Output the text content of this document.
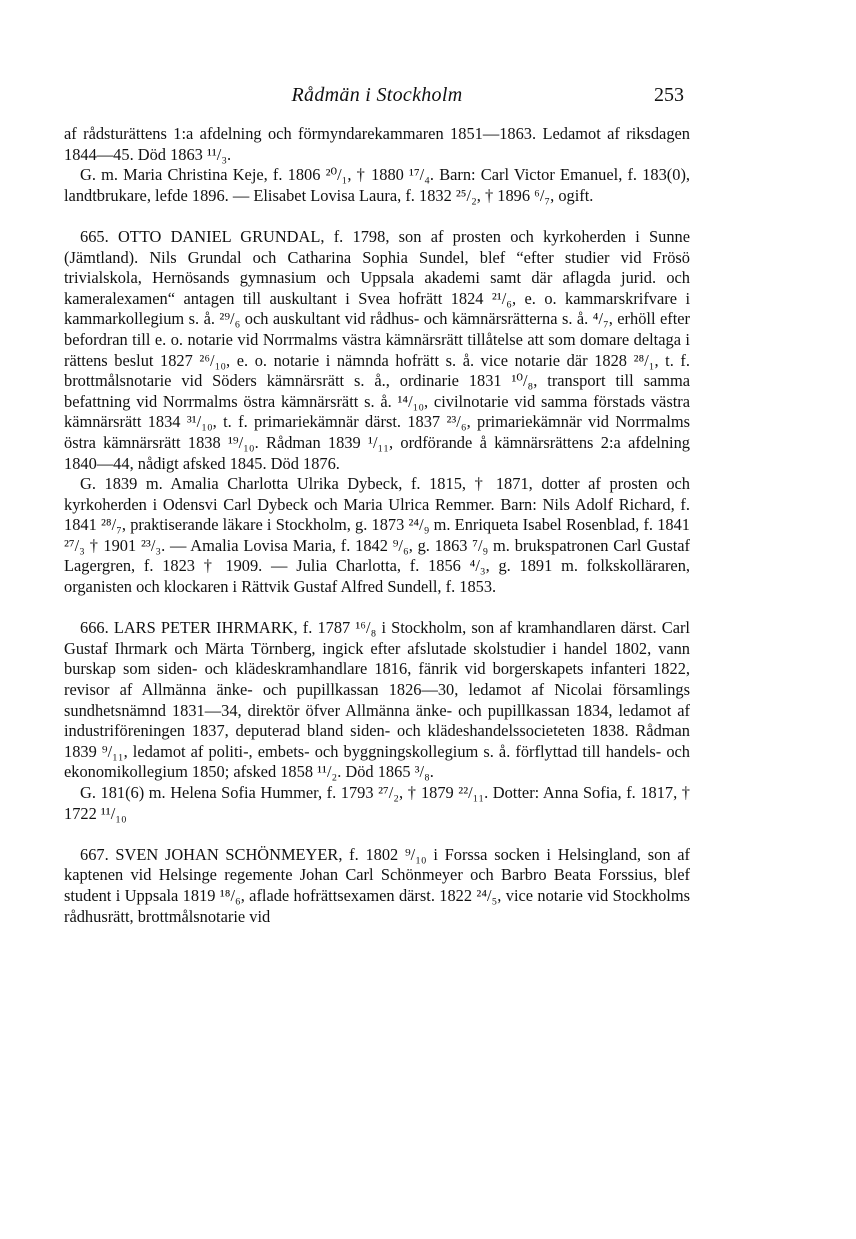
Rådmän i Stockholm	253

af rådsturättens 1:a afdelning och förmyndarekammaren 1851—1863. Ledamot af riksdagen 1844—45. Död 1863 ¹¹/₃.

G. m. Maria Christina Keje, f. 1806 ²⁰/₁, † 1880 ¹⁷/₄. Barn: Carl Victor Emanuel, f. 183(0), landtbrukare, lefde 1896. — Elisabet Lovisa Laura, f. 1832 ²⁵/₂, † 1896 ⁶/₇, ogift.

665. OTTO DANIEL GRUNDAL, f. 1798, son af prosten och kyrkoherden i Sunne (Jämtland). Nils Grundal och Catharina Sophia Sundel, blef “efter studier vid Frösö trivialskola, Hernösands gymnasium och Uppsala akademi samt där aflagda jurid. och kameralexamen“ antagen till auskultant i Svea hofrätt 1824 ²¹/₆, e. o. kammarskrifvare i kammarkollegium s. å. ²⁹/₆ och auskultant vid rådhus- och kämnärsrätterna s. å. ⁴/₇, erhöll efter befordran till e. o. notarie vid Norrmalms västra kämnärsrätt tillåtelse att som domare deltaga i rättens beslut 1827 ²⁶/₁₀, e. o. notarie i nämnda hofrätt s. å. vice notarie där 1828 ²⁸/₁, t. f. brottmålsnotarie vid Söders kämnärsrätt s. å., ordinarie 1831 ¹⁰/₈, transport till samma befattning vid Norrmalms östra kämnärsrätt s. å. ¹⁴/₁₀, civilnotarie vid samma förstads västra kämnärsrätt 1834 ³¹/₁₀, t. f. primariekämnär därst. 1837 ²³/₆, primariekämnär vid Norrmalms östra kämnärsrätt 1838 ¹⁹/₁₀. Rådman 1839 ¹/₁₁, ordförande å kämnärsrättens 2:a afdelning 1840—44, nådigt afsked 1845. Död 1876.

G. 1839 m. Amalia Charlotta Ulrika Dybeck, f. 1815, † 1871, dotter af prosten och kyrkoherden i Odensvi Carl Dybeck och Maria Ulrica Remmer. Barn: Nils Adolf Richard, f. 1841 ²⁸/₇, praktiserande läkare i Stockholm, g. 1873 ²⁴/₉ m. Enriqueta Isabel Rosenblad, f. 1841 ²⁷/₃ † 1901 ²³/₃. — Amalia Lovisa Maria, f. 1842 ⁹/₆, g. 1863 ⁷/₉ m. brukspatronen Carl Gustaf Lagergren, f. 1823 † 1909. — Julia Charlotta, f. 1856 ⁴/₃, g. 1891 m. folkskolläraren, organisten och klockaren i Rättvik Gustaf Alfred Sundell, f. 1853.

666. LARS PETER IHRMARK, f. 1787 ¹⁶/₈ i Stockholm, son af kramhandlaren därst. Carl Gustaf Ihrmark och Märta Törnberg, ingick efter afslutade skolstudier i handel 1802, vann burskap som siden- och klädeskramhandlare 1816, fänrik vid borgerskapets infanteri 1822, revisor af Allmänna änke- och pupillkassan 1826—30, ledamot af Nicolai församlings sundhetsnämnd 1831—34, direktör öfver Allmänna änke- och pupillkassan 1834, ledamot af industriföreningen 1837, deputerad bland siden- och klädeshandelssocieteten 1838. Rådman 1839 ⁹/₁₁, ledamot af politi-, embets- och byggningskollegium s. å. förflyttad till handels- och ekonomikollegium 1850; afsked 1858 ¹¹/₂. Död 1865 ³/₈.

G. 181(6) m. Helena Sofia Hummer, f. 1793 ²⁷/₂, † 1879 ²²/₁₁. Dotter: Anna Sofia, f. 1817, † 1722 ¹¹/₁₀

667. SVEN JOHAN SCHÖNMEYER, f. 1802 ⁹/₁₀ i Forssa socken i Helsingland, son af kaptenen vid Helsinge regemente Johan Carl Schönmeyer och Barbro Beata Forssius, blef student i Uppsala 1819 ¹⁸/₆, aflade hofrättsexamen därst. 1822 ²⁴/₅, vice notarie vid Stockholms rådhusrätt, brottmålsnotarie vid
